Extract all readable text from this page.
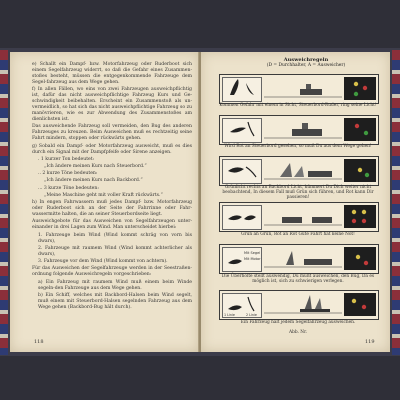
e) Schallt ein Dampf- bzw. Motorfahrzeug oder Ruderboot sich einem Segelfahrzeug widerrt, so daß die Gefahr eines Zusammen-stoßes besteht, müssen die entgegenkommende Fahrzeuge dem Segel-fahrzeug aus dem Wege gehen.

f) In allen Fällen, wo eins von zwei Fahrzeugen ausweichpflichtig ist, dafür das nicht ausweichpflichtige Fahrzeug Kurs und Ge-schwindigkeit beibehalten. Erscheint ein Zusammenstoß als un-vermeidlich, so hat sich das nicht ausweichpflichtige Fahrzeug so zu manövrieren, wie es zur Abwendung des Zusammenstoßes am dienlichsten ist.

Das ausweichende Fahrzeug soll vermeiden, den Bug des anderen Fahrzeuges zu kreuzen. Beim Ausweichen muß es rechtzeitig seine Fahrt mindern, stoppen oder rückwärts gehen.

g) Sobald ein Dampf- oder Motorfahrzeug ausweicht, muß es dies durch ein Signal mit der Dampfpfeife oder Sirene anzeigen.

. 1 kurzer Ton bedeutet:

„Ich ändere meinen Kurs nach Steuerbord.“

.. 2 kurze Töne bedeuten:

„Ich ändere meinen Kurs nach Backbord.“

... 3 kurze Töne bedeuten:

„Meine Maschine geht mit voller Kraft rückwärts.“

h) In engen Fahrwassern muß jedes Dampf- bzw. Motorfahrzeug oder Ruderboot sich an der Seite der Fahrrinne oder Fahr-wassermitte halten, die an seiner Steuerbordseite liegt.

Ausweichgebote für das Ausweichen von Segelfahrzeugen unter-einander in drei Lagen zum Wind. Man unterscheidet hierbei:

1. Fahrzeuge beim Wind (Wind kommt schräg von vorn bis dwars),

2. Fahrzeuge mit raumem Wind (Wind kommt achterlicher als dwars),

3. Fahrzeuge vor dem Wind (Wind kommt von achtern).

Für das Ausweichen der Segelfahrzeuge werden in der Seestraßen-ordnung folgende Ausweichregeln vorgeschrieben:

a) Ein Fahrzeug mit raumem Wind muß einem beim Winde segeln-den Fahrzeuge aus dem Wege gehen.

b) Ein Schiff, welches mit Backbord-Halsen beim Wind segelt, muß einem mit Steuerbord-Halsen segelnden Fahrzeug aus dem Wege gehen (Backbord-Bug hält durch).

118
Ausweichregeln
(D = Durchhalter, A = Ausweicher)
Kommen Gefahr mit einem in Sicht, Steuerbord-Ruder, ring seine Licht!
Wird Rot an Steuerbord gesehen, so muß Du aus dem Wege gehen!
Grünlicht rechts an Backbord Licht, kümmert Du Dich weiter nicht beobachtend, In diesem Fall muß Grün sich führen, und Rot kann Dir passieren!
Grün an Grün, Rot an Rot Gute Fahrt hat keine Not!
Mit Segel
Mit Motor
Die Überholte stellt auswendig, Du mußt ausweichen, den Bug, Da es möglich ist, sich zu schwierigen verlegen.
1 Linie	2 Linie
Ein Fahrzeug hält jedem Segelfahrzeug ausweichen.
Abb. Nr.
119
